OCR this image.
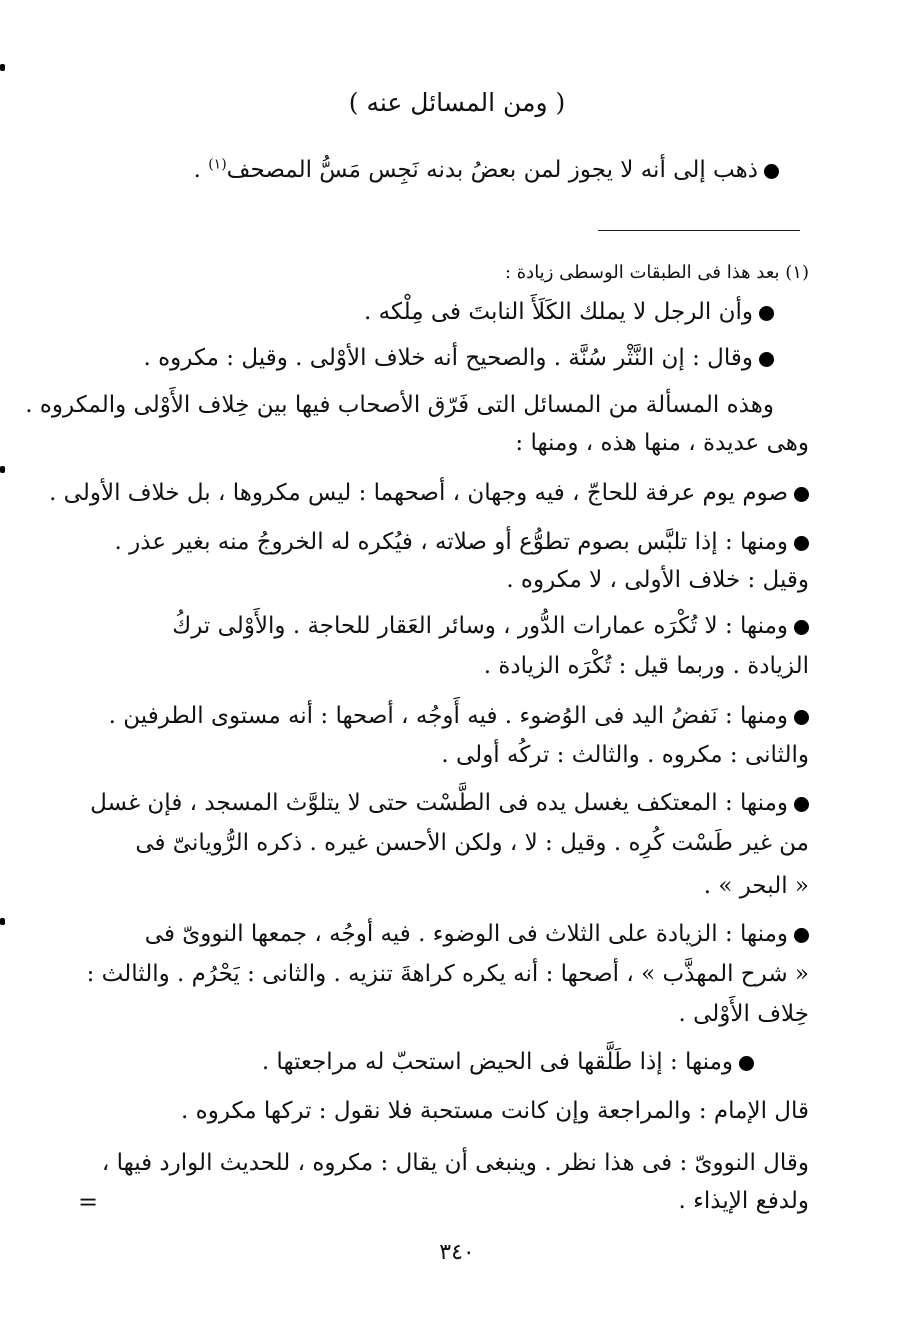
( ومن المسائل عنه )
ذهب إلى أنه لا يجوز لمن بعضُ بدنه نَجِس مَسُّ المصحف$^{(١)}$ .
(١) بعد هذا فى الطبقات الوسطى زيادة :
وأن الرجل لا يملك الكَلَأَ النابتَ فى مِلْكه .
وقال : إن النَّثْر سُنَّة . والصحيح أنه خلاف الأوْلى . وقيل : مكروه .
وهذه المسألة من المسائل التى فَرّق الأصحاب فيها بين خِلاف الأَوْلى والمكروه .
وهى عديدة ، منها هذه ، ومنها :
صوم يوم عرفة للحاجّ ، فيه وجهان ، أصحهما : ليس مكروها ، بل خلاف الأولى .
ومنها : إذا تلبَّس بصوم تطوُّع أو صلاته ، فيُكره له الخروجُ منه بغير عذر .
وقيل : خلاف الأولى ، لا مكروه .
ومنها : لا تُكْرَه عمارات الدُّور ، وسائر العَقار للحاجة . والأَوْلى تركُ
الزيادة . وربما قيل : تُكْرَه الزيادة .
ومنها : نَفضُ اليد فى الوُضوء . فيه أَوجُه ، أصحها : أنه مستوى الطرفين .
والثانى : مكروه . والثالث : تركُه أولى .
ومنها : المعتكف يغسل يده فى الطَّسْت حتى لا يتلوَّث المسجد ، فإن غسل
من غير طَسْت كُرِه . وقيل : لا ، ولكن الأحسن غيره . ذكره الرُّويانىّ فى
« البحر » .
ومنها : الزيادة على الثلاث فى الوضوء . فيه أوجُه ، جمعها النووىّ فى
« شرح المهذَّب » ، أصحها : أنه يكره كراهةَ تنزيه . والثانى : يَحْرُم . والثالث :
خِلاف الأَوْلى .
ومنها : إذا طَلَّقها فى الحيض استحبّ له مراجعتها .
قال الإمام : والمراجعة وإن كانت مستحبة فلا نقول : تركها مكروه .
وقال النووىّ : فى هذا نظر . وينبغى أن يقال : مكروه ، للحديث الوارد فيها ،
ولدفع الإيذاء .
=
٣٤٠
